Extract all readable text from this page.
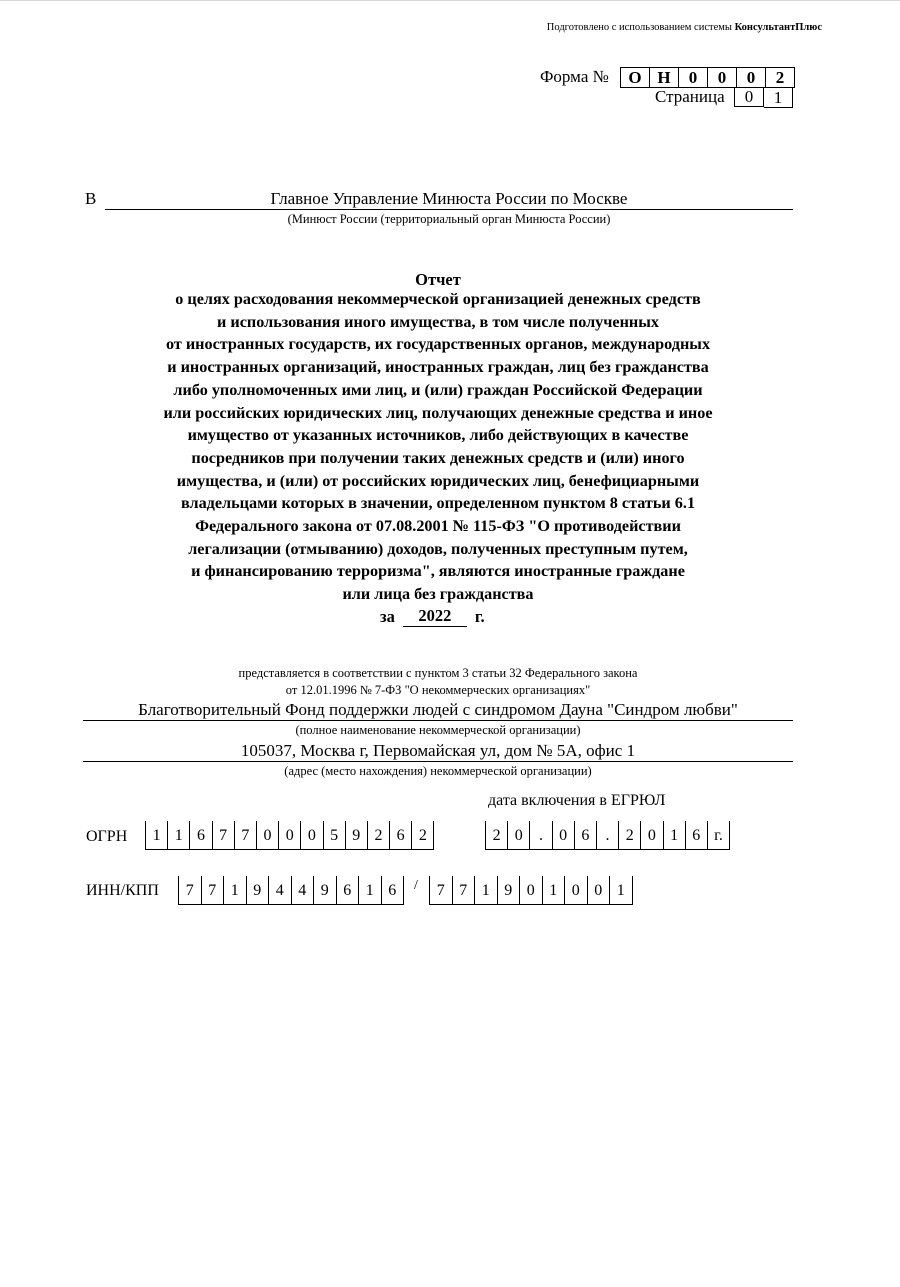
Подготовлено с использованием системы КонсультантПлюс
Форма №	О Н	0	0	0	2
Страница	0	1
В	Главное Управление Минюста России по Москве
(Минюст России (территориальный орган Минюста России)
Отчет
о целях расходования некоммерческой организацией денежных средств
и использования иного имущества, в том числе полученных
от иностранных государств, их государственных органов, международных
и иностранных организаций, иностранных граждан, лиц без гражданства
либо уполномоченных ими лиц, и (или) граждан Российской Федерации
или российских юридических лиц, получающих денежные средства и иное
имущество от указанных источников, либо действующих в качестве
посредников при получении таких денежных средств и (или) иного
имущества, и (или) от российских юридических лиц, бенефициарными
владельцами которых в значении, определенном пунктом 8 статьи 6.1
Федерального закона от 07.08.2001 № 115-ФЗ "О противодействии
легализации (отмыванию) доходов, полученных преступным путем,
и финансированию терроризма", являются иностранные граждане
или лица без гражданства
за	2022	г.
представляется в соответствии с пунктом 3 статьи 32 Федерального закона
от 12.01.1996 № 7-ФЗ "О некоммерческих организациях"
Благотворительный Фонд поддержки людей с синдромом Дауна "Синдром любви"
(полное наименование некоммерческой организации)
105037, Москва г, Первомайская ул, дом № 5А, офис 1
(адрес (место нахождения) некоммерческой организации)
дата включения в ЕГРЮЛ
ОГРН	1 1 6 7 7 0 0 0 5 9 2 6 2	2 0	.	0 6	.	2 0 1 6 г.
ИНН/КПП	7 7 1 9 4 4 9 6 1 6	/	7 7 1 9 0 1 0 0 1
